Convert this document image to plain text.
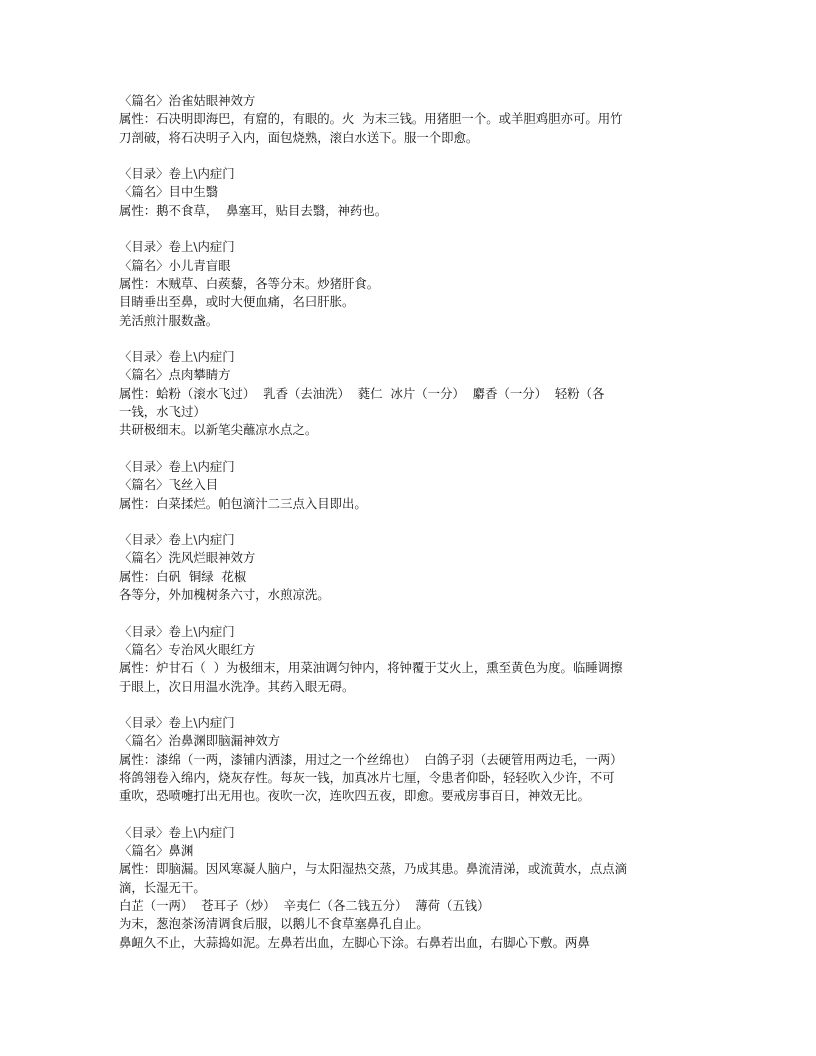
〈篇名〉治雀姑眼神效方
属性：石决明即海巴，有窟的，有眼的。火  为末三钱。用猪胆一个。或羊胆鸡胆亦可。用竹
刀剖破，将石决明子入内，面包烧熟，滚白水送下。服一个即愈。
〈目录〉卷上\内症门
〈篇名〉目中生翳
属性：鹅不食草，  鼻塞耳，贴目去翳，神药也。
〈目录〉卷上\内症门
〈篇名〉小儿青盲眼
属性：木贼草、白蒺藜，各等分末。炒猪肝食。
目睛垂出至鼻，或时大便血痛，名曰肝胀。
羌活煎汁服数盏。
〈目录〉卷上\内症门
〈篇名〉点肉攀睛方
属性：蛤粉（滚水飞过）  乳香（去油洗）  蕤仁  冰片（一分）  麝香（一分）  轻粉（各
一钱，水飞过）
共研极细末。以新笔尖蘸凉水点之。
〈目录〉卷上\内症门
〈篇名〉飞丝入目
属性：白菜揉烂。帕包滴汁二三点入目即出。
〈目录〉卷上\内症门
〈篇名〉洗风烂眼神效方
属性：白矾  铜绿  花椒
各等分，外加槐树条六寸，水煎凉洗。
〈目录〉卷上\内症门
〈篇名〉专治风火眼红方
属性：炉甘石（  ）为极细末，用菜油调匀钟内，将钟覆于艾火上，熏至黄色为度。临睡调擦
于眼上，次日用温水洗净。其药入眼无碍。
〈目录〉卷上\内症门
〈篇名〉治鼻渊即脑漏神效方
属性：漆绵（一两，漆铺内洒漆，用过之一个丝绵也）  白鸽子羽（去硬管用两边毛，一两）
将鸽翎卷入绵内，烧灰存性。每灰一钱，加真冰片七厘，令患者仰卧，轻轻吹入少许，不可
重吹，恐喷嚏打出无用也。夜吹一次，连吹四五夜，即愈。要戒房事百日，神效无比。
〈目录〉卷上\内症门
〈篇名〉鼻渊
属性：即脑漏。因风寒凝人脑户，与太阳湿热交蒸，乃成其患。鼻流清涕，或流黄水，点点滴
滴，长湿无干。
白芷（一两）  苍耳子（炒）  辛夷仁（各二钱五分）  薄荷（五钱）
为末，葱泡茶汤清调食后服，以鹅儿不食草塞鼻孔自止。
鼻衄久不止，大蒜捣如泥。左鼻若出血，左脚心下涂。右鼻若出血，右脚心下敷。两鼻
